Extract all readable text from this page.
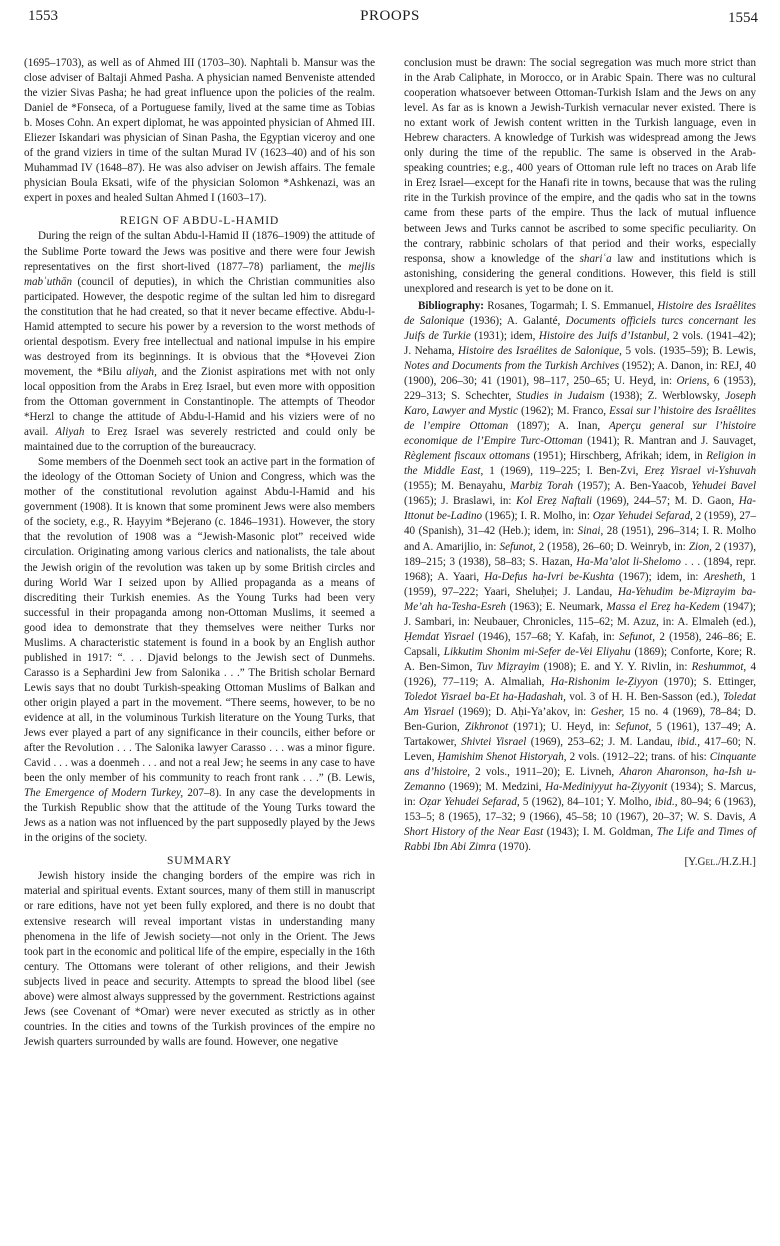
1553	PROOPS	1554

(1695–1703), as well as of Ahmed III (1703–30). Naphtali b. Mansur was the close adviser of Baltaji Ahmed Pasha. A physician named Benveniste attended the vizier Sivas Pasha; he had great influence upon the policies of the realm. Daniel de *Fonseca, of a Portuguese family, lived at the same time as Tobias b. Moses Cohn. An expert diplomat, he was appointed physician of Ahmed III. Eliezer Iskandari was physician of Sinan Pasha, the Egyptian viceroy and one of the grand viziers in time of the sultan Murad IV (1623–40) and of his son Muhammad IV (1648–87). He was also adviser on Jewish affairs. The female physician Boula Eksati, wife of the physician Solomon *Ashkenazi, was an expert in poxes and healed Sultan Ahmed I (1603–17).

REIGN OF ABDU-L-HAMID

During the reign of the sultan Abdu-l-Hamid II (1876–1909) the attitude of the Sublime Porte toward the Jews was positive and there were four Jewish representatives on the first short-lived (1877–78) parliament, the mejlis mabʿuthān (council of deputies), in which the Christian communities also participated. However, the despotic regime of the sultan led him to disregard the constitution that he had created, so that it never became effective. Abdu-l-Hamid attempted to secure his power by a reversion to the worst methods of oriental despotism. Every free intellectual and national impulse in his empire was destroyed from its beginnings. It is obvious that the *Ḥovevei Zion movement, the *Bilu aliyah, and the Zionist aspirations met with not only local opposition from the Arabs in Ereẓ Israel, but even more with opposition from the Ottoman government in Constantinople. The attempts of Theodor *Herzl to change the attitude of Abdu-l-Hamid and his viziers were of no avail. Aliyah to Ereẓ Israel was severely restricted and could only be maintained due to the corruption of the bureaucracy.

Some members of the Doenmeh sect took an active part in the formation of the ideology of the Ottoman Society of Union and Congress, which was the mother of the constitutional revolution against Abdu-l-Hamid and his government (1908). It is known that some prominent Jews were also members of the society, e.g., R. Ḥayyim *Bejerano (c. 1846–1931). However, the story that the revolution of 1908 was a “Jewish-Masonic plot” received wide circulation. Originating among various clerics and nationalists, the tale about the Jewish origin of the revolution was taken up by some British circles and during World War I seized upon by Allied propaganda as a means of discrediting their Turkish enemies. As the Young Turks had been very successful in their propaganda among non-Ottoman Muslims, it seemed a good idea to demonstrate that they themselves were neither Turks nor Muslims. A characteristic statement is found in a book by an English author published in 1917: “. . . Djavid belongs to the Jewish sect of Dunmehs. Carasso is a Sephardini Jew from Salonika . . .” The British scholar Bernard Lewis says that no doubt Turkish-speaking Ottoman Muslims of Balkan and other origin played a part in the movement. “There seems, however, to be no evidence at all, in the voluminous Turkish literature on the Young Turks, that Jews ever played a part of any significance in their councils, either before or after the Revolution . . . The Salonika lawyer Carasso . . . was a minor figure. Cavid . . . was a doenmeh . . . and not a real Jew; he seems in any case to have been the only member of his community to reach front rank . . .” (B. Lewis, The Emergence of Modern Turkey, 207–8). In any case the developments in the Turkish Republic show that the attitude of the Young Turks toward the Jews as a nation was not influenced by the part supposedly played by the Jews in the origins of the society.

SUMMARY

Jewish history inside the changing borders of the empire was rich in material and spiritual events. Extant sources, many of them still in manuscript or rare editions, have not yet been fully explored, and there is no doubt that extensive research will reveal important vistas in understanding many phenomena in the life of Jewish society—not only in the Orient. The Jews took part in the economic and political life of the empire, especially in the 16th century. The Ottomans were tolerant of other religions, and their Jewish subjects lived in peace and security. Attempts to spread the blood libel (see above) were almost always suppressed by the government. Restrictions against Jews (see Covenant of *Omar) were never executed as strictly as in other countries. In the cities and towns of the Turkish provinces of the empire no Jewish quarters surrounded by walls are found. However, one negative

conclusion must be drawn: The social segregation was much more strict than in the Arab Caliphate, in Morocco, or in Arabic Spain. There was no cultural cooperation whatsoever between Ottoman-Turkish Islam and the Jews on any level. As far as is known a Jewish-Turkish vernacular never existed. There is no extant work of Jewish content written in the Turkish language, even in Hebrew characters. A knowledge of Turkish was widespread among the Jews only during the time of the republic. The same is observed in the Arab-speaking countries; e.g., 400 years of Ottoman rule left no traces on Arab life in Ereẓ Israel—except for the Hanafi rite in towns, because that was the ruling rite in the Turkish province of the empire, and the qadis who sat in the towns came from these parts of the empire. Thus the lack of mutual influence between Jews and Turks cannot be ascribed to some specific peculiarity. On the contrary, rabbinic scholars of that period and their works, especially responsa, show a knowledge of the shariʿa law and institutions which is astonishing, considering the general conditions. However, this field is still unexplored and research is yet to be done on it.

Bibliography: Rosanes, Togarmah; I. S. Emmanuel, Histoire des Israêlites de Salonique (1936); A. Galanté, Documents officiels turcs concernant les Juifs de Turkie (1931); idem, Histoire des Juifs d’Istanbul, 2 vols. (1941–42); J. Nehama, Histoire des Israélites de Salonique, 5 vols. (1935–59); B. Lewis, Notes and Documents from the Turkish Archives (1952); A. Danon, in: REJ, 40 (1900), 206–30; 41 (1901), 98–117, 250–65; U. Heyd, in: Oriens, 6 (1953), 229–313; S. Schechter, Studies in Judaism (1938); Z. Werblowsky, Joseph Karo, Lawyer and Mystic (1962); M. Franco, Essai sur l’histoire des Israêlites de l’empire Ottoman (1897); A. Inan, Aperçu general sur l’histoire economique de l’Empire Turc-Ottoman (1941); R. Mantran and J. Sauvaget, Règlement fiscaux ottomans (1951); Hirschberg, Afrikah; idem, in Religion in the Middle East, 1 (1969), 119–225; I. Ben-Zvi, Ereẓ Yisrael vi-Yshuvah (1955); M. Benayahu, Marbiẓ Torah (1957); A. Ben-Yaacob, Yehudei Bavel (1965); J. Braslawi, in: Kol Ereẓ Naftali (1969), 244–57; M. D. Gaon, Ha-Ittonut be-Ladino (1965); I. R. Molho, in: Oẓar Yehudei Sefarad, 2 (1959), 27–40 (Spanish), 31–42 (Heb.); idem, in: Sinai, 28 (1951), 296–314; I. R. Molho and A. Amarijlio, in: Sefunot, 2 (1958), 26–60; D. Weinryb, in: Zion, 2 (1937), 189–215; 3 (1938), 58–83; S. Hazan, Ha-Ma’alot li-Shelomo . . . (1894, repr. 1968); A. Yaari, Ha-Defus ha-Ivri be-Kushta (1967); idem, in: Aresheth, 1 (1959), 97–222; Yaari, Sheluḥei; J. Landau, Ha-Yehudim be-Miẓrayim ba-Me’ah ha-Tesha-Esreh (1963); E. Neumark, Massa el Ereẓ ha-Kedem (1947); J. Sambari, in: Neubauer, Chronicles, 115–62; M. Azuz, in: A. Elmaleh (ed.), Ḥemdat Yisrael (1946), 157–68; Y. Kafaḥ, in: Sefunot, 2 (1958), 246–86; E. Capsali, Likkutim Shonim mi-Sefer de-Vei Eliyahu (1869); Conforte, Kore; R. A. Ben-Simon, Tuv Miẓrayim (1908); E. and Y. Y. Rivlin, in: Reshummot, 4 (1926), 77–119; A. Almaliah, Ha-Rishonim le-Ẓiyyon (1970); S. Ettinger, Toledot Yisrael ba-Et ha-Ḥadashah, vol. 3 of H. H. Ben-Sasson (ed.), Toledat Am Yisrael (1969); D. Aḥi-Ya’akov, in: Gesher, 15 no. 4 (1969), 78–84; D. Ben-Gurion, Zikhronot (1971); U. Heyd, in: Sefunot, 5 (1961), 137–49; A. Tartakower, Shivtei Yisrael (1969), 253–62; J. M. Landau, ibid., 417–60; N. Leven, Ḥamishim Shenot Historyah, 2 vols. (1912–22; trans. of his: Cinquante ans d’histoire, 2 vols., 1911–20); E. Livneh, Aharon Aharonson, ha-Ish u-Zemanno (1969); M. Medzini, Ha-Mediniyyut ha-Ẓiyyonit (1934); S. Marcus, in: Oẓar Yehudei Sefarad, 5 (1962), 84–101; Y. Molho, ibid., 80–94; 6 (1963), 153–5; 8 (1965), 17–32; 9 (1966), 45–58; 10 (1967), 20–37; W. S. Davis, A Short History of the Near East (1943); I. M. Goldman, The Life and Times of Rabbi Ibn Abi Zimra (1970).
[Y.Gel./H.Z.H.]
